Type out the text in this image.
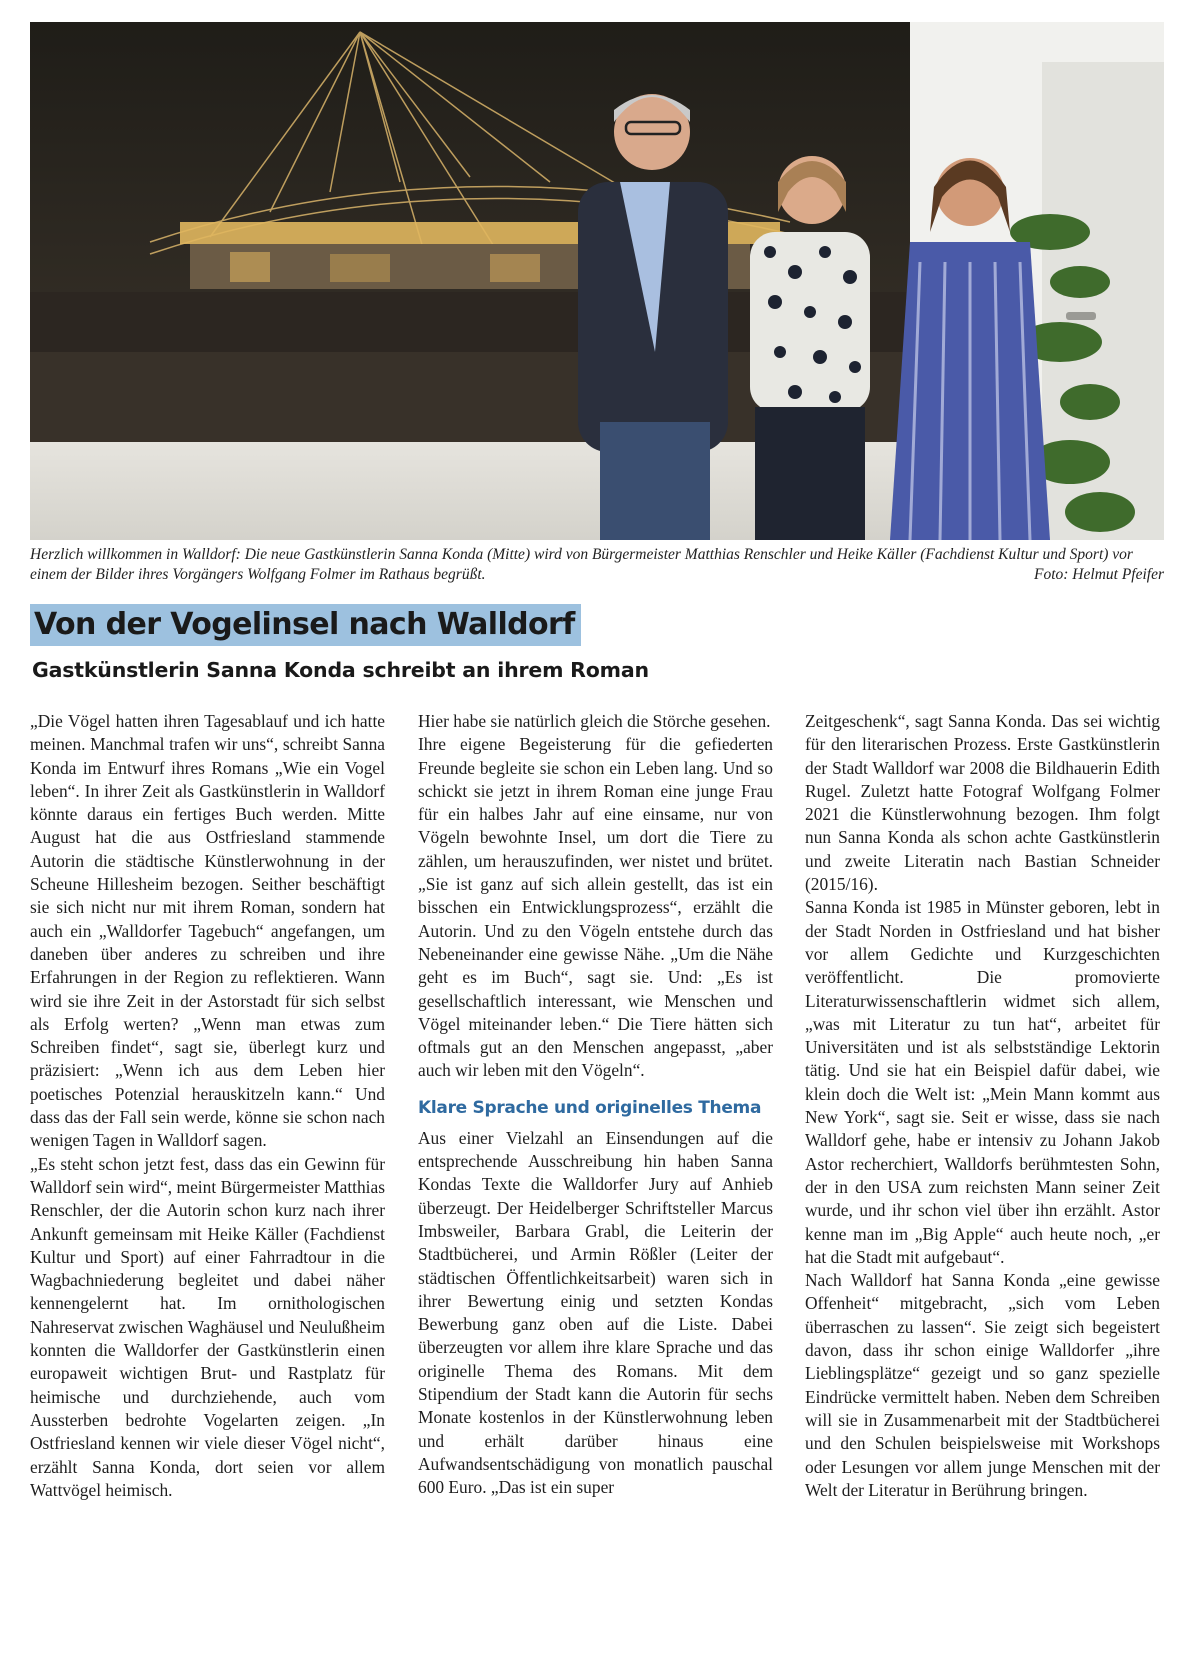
Herzlich willkommen in Walldorf: Die neue Gastkünstlerin Sanna Konda (Mitte) wird von Bürgermeister Matthias Renschler und Heike Käller (Fachdienst Kultur und Sport) vor einem der Bilder ihres Vorgängers Wolfgang Folmer im Rathaus begrüßt.	Foto: Helmut Pfeifer
Von der Vogelinsel nach Walldorf
Gastkünstlerin Sanna Konda schreibt an ihrem Roman

„Die Vögel hatten ihren Tagesablauf und ich hatte meinen. Manchmal trafen wir uns“, schreibt Sanna Konda im Entwurf ihres Romans „Wie ein Vogel leben“. In ihrer Zeit als Gastkünstlerin in Walldorf könnte daraus ein fertiges Buch werden. Mitte August hat die aus Ostfriesland stammende Autorin die städtische Künstlerwohnung in der Scheune Hillesheim bezogen. Seither beschäftigt sie sich nicht nur mit ihrem Roman, sondern hat auch ein „Walldorfer Tagebuch“ angefangen, um daneben über anderes zu schreiben und ihre Erfahrungen in der Region zu reflektieren. Wann wird sie ihre Zeit in der Astorstadt für sich selbst als Erfolg werten? „Wenn man etwas zum Schreiben findet“, sagt sie, überlegt kurz und präzisiert: „Wenn ich aus dem Leben hier poetisches Potenzial herauskitzeln kann.“ Und dass das der Fall sein werde, könne sie schon nach wenigen Tagen in Walldorf sagen.

„Es steht schon jetzt fest, dass das ein Gewinn für Walldorf sein wird“, meint Bürgermeister Matthias Renschler, der die Autorin schon kurz nach ihrer Ankunft gemeinsam mit Heike Käller (Fachdienst Kultur und Sport) auf einer Fahrradtour in die Wagbachniederung begleitet und dabei näher kennengelernt hat. Im ornithologischen Nahreservat zwischen Waghäusel und Neulußheim konnten die Walldorfer der Gastkünstlerin einen europaweit wichtigen Brut- und Rastplatz für heimische und durchziehende, auch vom Aussterben bedrohte Vogelarten zeigen. „In Ostfriesland kennen wir viele dieser Vögel nicht“, erzählt Sanna Konda, dort seien vor allem Wattvögel heimisch.

Hier habe sie natürlich gleich die Störche gesehen.

Ihre eigene Begeisterung für die gefiederten Freunde begleite sie schon ein Leben lang. Und so schickt sie jetzt in ihrem Roman eine junge Frau für ein halbes Jahr auf eine einsame, nur von Vögeln bewohnte Insel, um dort die Tiere zu zählen, um herauszufinden, wer nistet und brütet. „Sie ist ganz auf sich allein gestellt, das ist ein bisschen ein Entwicklungsprozess“, erzählt die Autorin. Und zu den Vögeln entstehe durch das Nebeneinander eine gewisse Nähe. „Um die Nähe geht es im Buch“, sagt sie. Und: „Es ist gesellschaftlich interessant, wie Menschen und Vögel miteinander leben.“ Die Tiere hätten sich oftmals gut an den Menschen angepasst, „aber auch wir leben mit den Vögeln“.

Klare Sprache und originelles Thema

Aus einer Vielzahl an Einsendungen auf die entsprechende Ausschreibung hin haben Sanna Kondas Texte die Walldorfer Jury auf Anhieb überzeugt. Der Heidelberger Schriftsteller Marcus Imbsweiler, Barbara Grabl, die Leiterin der Stadtbücherei, und Armin Rößler (Leiter der städtischen Öffentlichkeitsarbeit) waren sich in ihrer Bewertung einig und setzten Kondas Bewerbung ganz oben auf die Liste. Dabei überzeugten vor allem ihre klare Sprache und das originelle Thema des Romans. Mit dem Stipendium der Stadt kann die Autorin für sechs Monate kostenlos in der Künstlerwohnung leben und erhält darüber hinaus eine Aufwandsentschädigung von monatlich pauschal 600 Euro. „Das ist ein super

Zeitgeschenk“, sagt Sanna Konda. Das sei wichtig für den literarischen Prozess. Erste Gastkünstlerin der Stadt Walldorf war 2008 die Bildhauerin Edith Rugel. Zuletzt hatte Fotograf Wolfgang Folmer 2021 die Künstlerwohnung bezogen. Ihm folgt nun Sanna Konda als schon achte Gastkünstlerin und zweite Literatin nach Bastian Schneider (2015/16).

Sanna Konda ist 1985 in Münster geboren, lebt in der Stadt Norden in Ostfriesland und hat bisher vor allem Gedichte und Kurzgeschichten veröffentlicht. Die promovierte Literaturwissenschaftlerin widmet sich allem, „was mit Literatur zu tun hat“, arbeitet für Universitäten und ist als selbstständige Lektorin tätig. Und sie hat ein Beispiel dafür dabei, wie klein doch die Welt ist: „Mein Mann kommt aus New York“, sagt sie. Seit er wisse, dass sie nach Walldorf gehe, habe er intensiv zu Johann Jakob Astor recherchiert, Walldorfs berühmtesten Sohn, der in den USA zum reichsten Mann seiner Zeit wurde, und ihr schon viel über ihn erzählt. Astor kenne man im „Big Apple“ auch heute noch, „er hat die Stadt mit aufgebaut“.

Nach Walldorf hat Sanna Konda „eine gewisse Offenheit“ mitgebracht, „sich vom Leben überraschen zu lassen“. Sie zeigt sich begeistert davon, dass ihr schon einige Walldorfer „ihre Lieblingsplätze“ gezeigt und so ganz spezielle Eindrücke vermittelt haben. Neben dem Schreiben will sie in Zusammenarbeit mit der Stadtbücherei und den Schulen beispielsweise mit Workshops oder Lesungen vor allem junge Menschen mit der Welt der Literatur in Berührung bringen.
